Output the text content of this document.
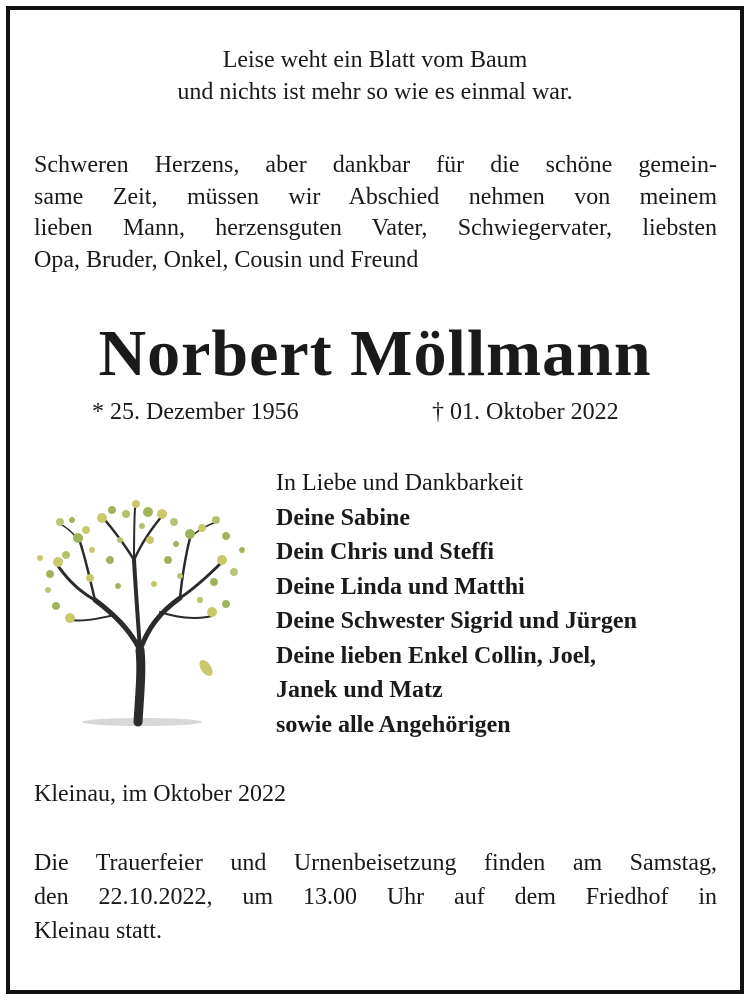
Leise weht ein Blatt vom Baum
und nichts ist mehr so wie es einmal war.
Schweren Herzens, aber dankbar für die schöne gemein-
same Zeit, müssen wir Abschied nehmen von meinem
lieben Mann, herzensguten Vater, Schwiegervater, liebsten
Opa, Bruder, Onkel, Cousin und Freund
Norbert Möllmann
* 25. Dezember 1956	† 01. Oktober 2022
In Liebe und Dankbarkeit
Deine Sabine
Dein Chris und Steffi
Deine Linda und Matthi
Deine Schwester Sigrid und Jürgen
Deine lieben Enkel Collin, Joel,
Janek und Matz
sowie alle Angehörigen
Kleinau, im Oktober 2022
Die Trauerfeier und Urnenbeisetzung finden am Samstag,
den 22.10.2022, um 13.00 Uhr auf dem Friedhof in
Kleinau statt.
